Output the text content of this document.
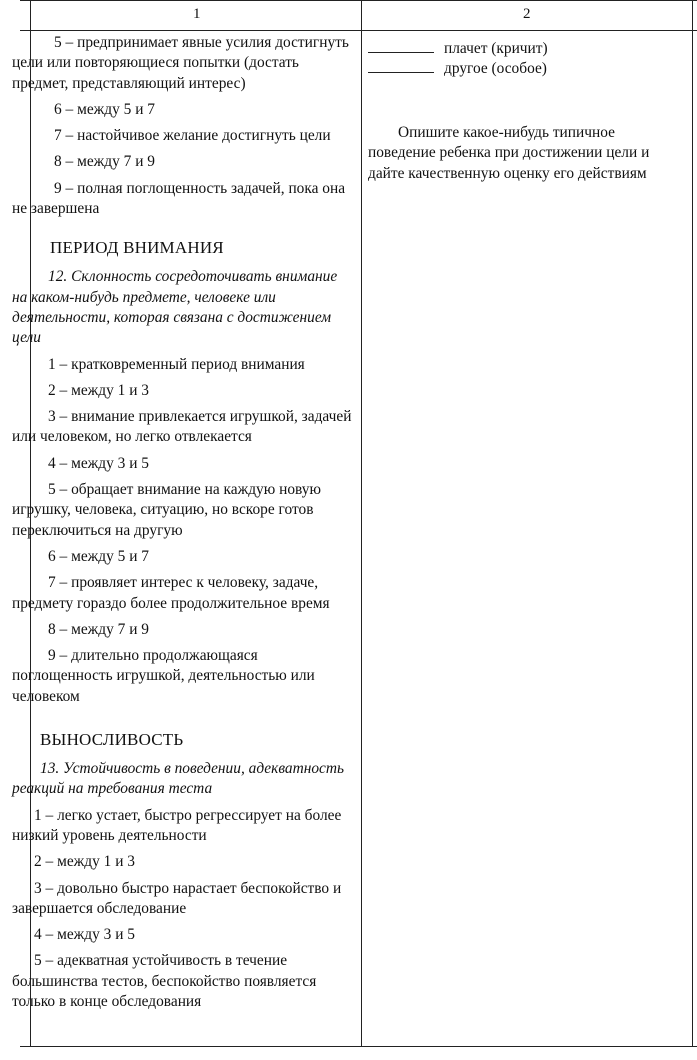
1	2
5 – предпринимает явные усилия достигнуть цели или повторяющиеся попытки (достать предмет, представляющий интерес)
6 – между 5 и 7
7 – настойчивое желание достигнуть цели
8 – между 7 и 9
9 – полная поглощенность задачей, пока она не завершена
ПЕРИОД ВНИМАНИЯ
12. Склонность сосредоточивать внимание на каком-нибудь предмете, человеке или деятельности, которая связана с достижением цели
1 – кратковременный период внимания
2 – между 1 и 3
3 – внимание привлекается игрушкой, задачей или человеком, но легко отвлекается
4 – между 3 и 5
5 – обращает внимание на каждую новую игрушку, человека, ситуацию, но вскоре готов переключиться на другую
6 – между 5 и 7
7 – проявляет интерес к человеку, задаче, предмету гораздо более продолжительное время
8 – между 7 и 9
9 – длительно продолжающаяся поглощенность игрушкой, деятельностью или человеком
ВЫНОСЛИВОСТЬ
13. Устойчивость в поведении, адекватность реакций на требования теста
1 – легко устает, быстро регрессирует на более низкий уровень деятельности
2 – между 1 и 3
3 – довольно быстро нарастает беспокойство и завершается обследование
4 – между 3 и 5
5 – адекватная устойчивость в течение большинства тестов, беспокойство появляется только в конце обследования
плачет (кричит)
другое (особое)
Опишите какое-нибудь типичное поведение ребенка при достижении цели и дайте качественную оценку его действиям
